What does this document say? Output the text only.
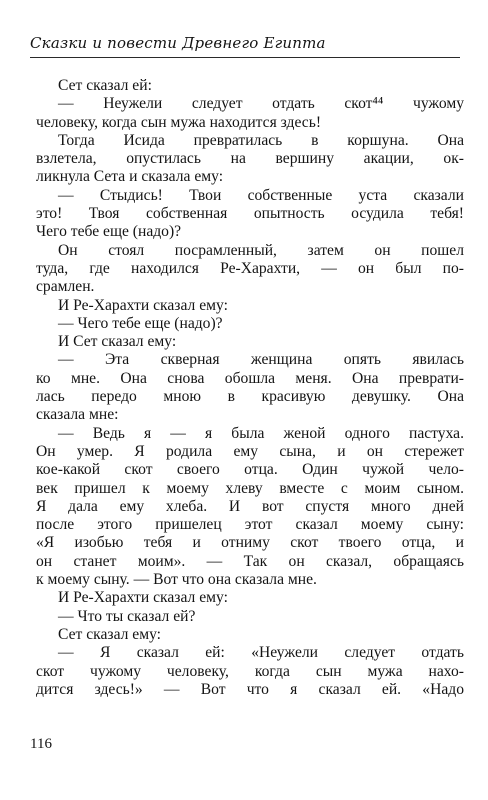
Сказки и повести Древнего Египта
Сет сказал ей:
— Неужели следует отдать скот⁴⁴ чужому
человеку, когда сын мужа находится здесь!
Тогда Исида превратилась в коршуна. Она
взлетела, опустилась на вершину акации, ок-
ликнула Сета и сказала ему:
— Стыдись! Твои собственные уста сказали
это! Твоя собственная опытность осудила тебя!
Чего тебе еще (надо)?
Он стоял посрамленный, затем он пошел
туда, где находился Ре-Харахти, — он был по-
срамлен.
И Ре-Харахти сказал ему:
— Чего тебе еще (надо)?
И Сет сказал ему:
— Эта скверная женщина опять явилась
ко мне. Она снова обошла меня. Она преврати-
лась передо мною в красивую девушку. Она
сказала мне:
— Ведь я — я была женой одного пастуха.
Он умер. Я родила ему сына, и он стережет
кое-какой скот своего отца. Один чужой чело-
век пришел к моему хлеву вместе с моим сыном.
Я дала ему хлеба. И вот спустя много дней
после этого пришелец этот сказал моему сыну:
«Я изобью тебя и отниму скот твоего отца, и
он станет моим». — Так он сказал, обращаясь
к моему сыну. — Вот что она сказала мне.
И Ре-Харахти сказал ему:
— Что ты сказал ей?
Сет сказал ему:
— Я сказал ей: «Неужели следует отдать
скот чужому человеку, когда сын мужа нахо-
дится здесь!» — Вот что я сказал ей. «Надо
116
